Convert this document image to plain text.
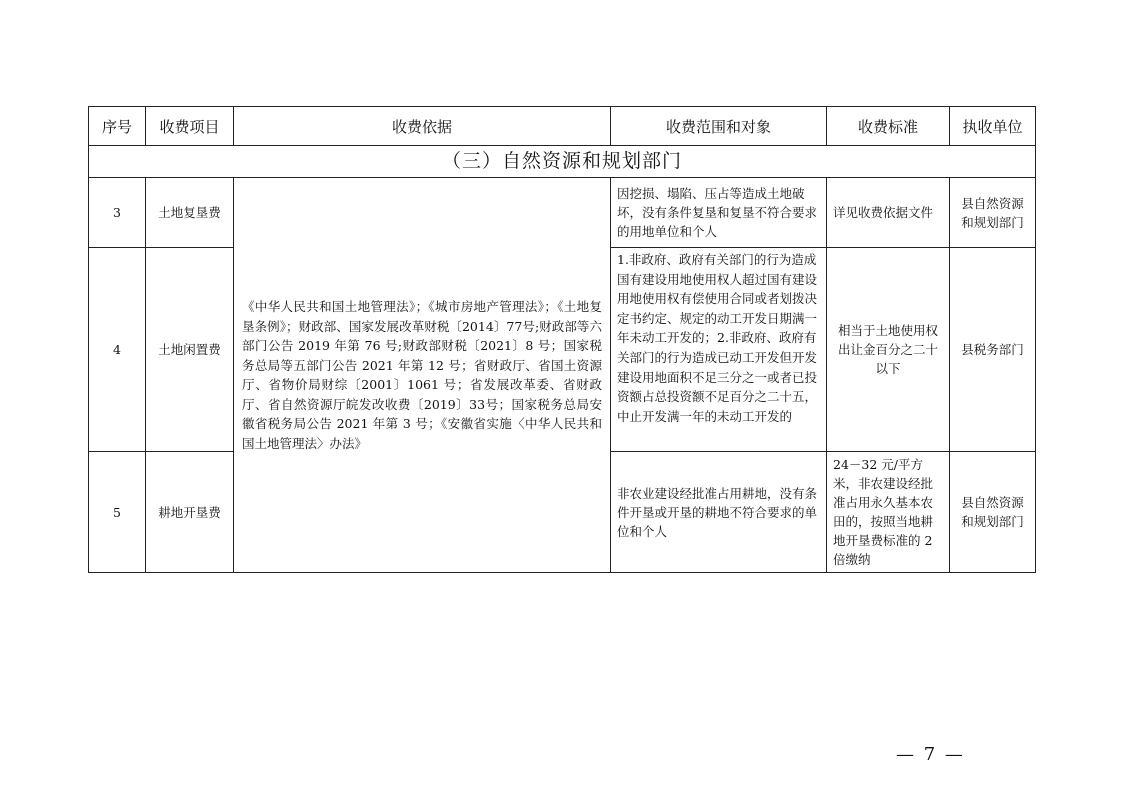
序号	收费项目	收费依据	收费范围和对象	收费标准	执收单位
（三）自然资源和规划部门					
3	土地复垦费	《中华人民共和国土地管理法》；《城市房地产管理法》；《土地复垦条例》；财政部、国家发展改革财税〔2014〕77号;财政部等六部门公告 2019 年第 76 号;财政部财税〔2021〕8 号；国家税务总局等五部门公告 2021 年第 12 号；省财政厅、省国土资源厅、省物价局财综〔2001〕1061 号；省发展改革委、省财政厅、省自然资源厅皖发改收费〔2019〕33号；国家税务总局安徽省税务局公告 2021 年第 3 号；《安徽省实施〈中华人民共和国土地管理法〉办法》	因挖损、塌陷、压占等造成土地破坏，没有条件复垦和复垦不符合要求的用地单位和个人	详见收费依据文件	县自然资源和规划部门
4	土地闲置费		1.非政府、政府有关部门的行为造成国有建设用地使用权人超过国有建设用地使用权有偿使用合同或者划拨决定书约定、规定的动工开发日期满一年未动工开发的；2.非政府、政府有关部门的行为造成已动工开发但开发建设用地面积不足三分之一或者已投资额占总投资额不足百分之二十五，中止开发满一年的未动工开发的	相当于土地使用权出让金百分之二十以下	县税务部门
5	耕地开垦费		非农业建设经批准占用耕地，没有条件开垦或开垦的耕地不符合要求的单位和个人	24－32 元/平方米，非农建设经批准占用永久基本农田的，按照当地耕地开垦费标准的 2 倍缴纳	县自然资源和规划部门
— 7 —
